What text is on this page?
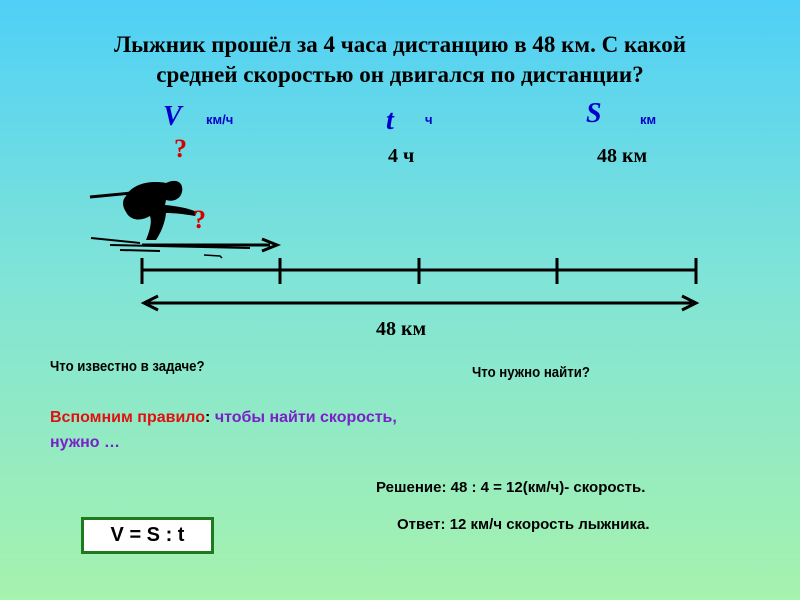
Лыжник прошёл за 4 часа дистанцию в 48 км. С какой
средней скоростью он двигался по дистанции?
V км/ч
?
t ч
4 ч
S	км
48 км
?
48 км
Что известно в задаче?	Что нужно найти?
Вспомним правило: чтобы найти скорость, нужно …
Решение: 48 : 4 = 12(км/ч)- скорость.
Ответ: 12 км/ч скорость лыжника.
V = S : t
